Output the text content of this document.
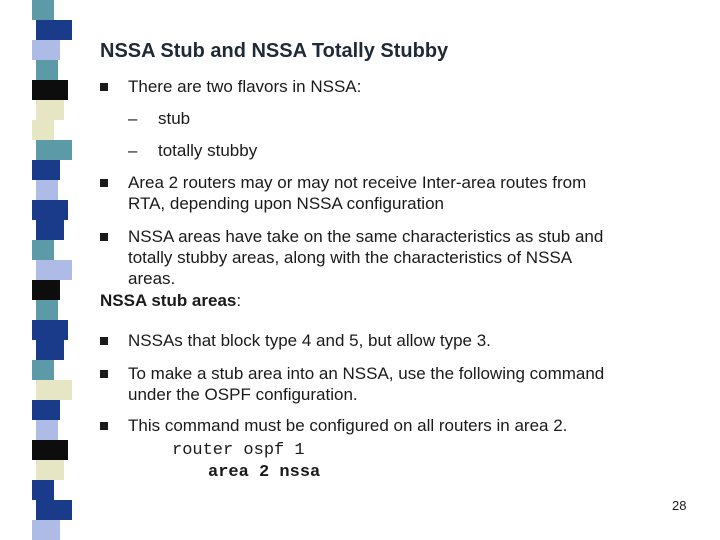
NSSA Stub and NSSA Totally Stubby

There are two flavors in NSSA:

– stub

– totally stubby

Area 2 routers may or may not receive Inter-area routes from

RTA, depending upon NSSA configuration

NSSA areas have take on the same characteristics as stub and

totally stubby areas, along with the characteristics of NSSA

areas.

NSSA stub areas:

NSSAs that block type 4 and 5, but allow type 3.

To make a stub area into an NSSA, use the following command

under the OSPF configuration.

This command must be configured on all routers in area 2.

router ospf 1

area 2 nssa

28
